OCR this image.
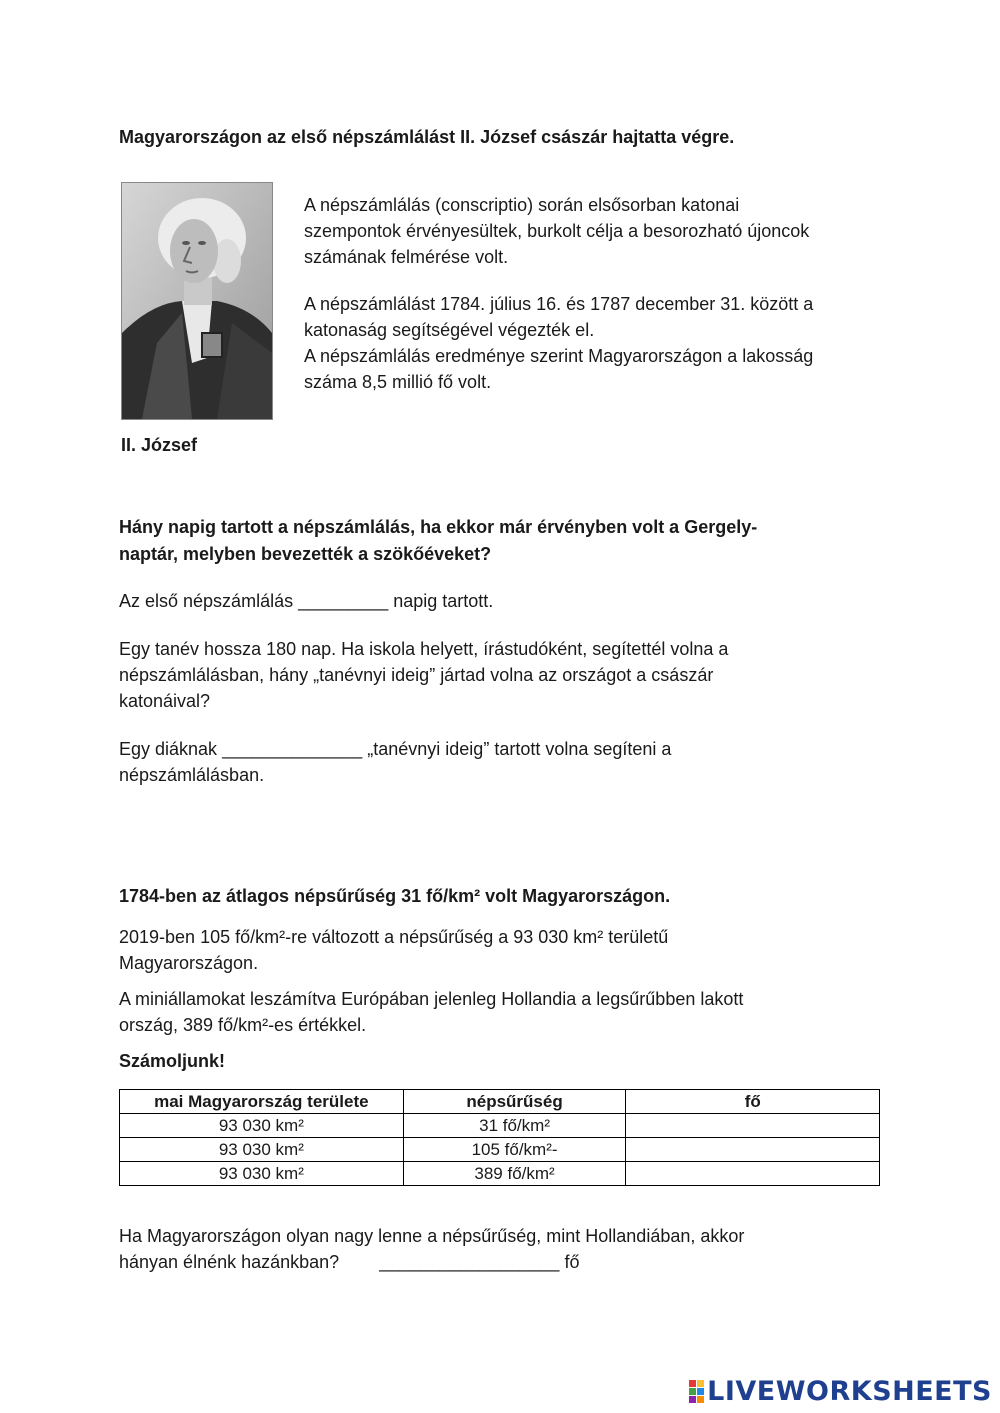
Magyarországon az első népszámlálást II. József császár hajtatta végre.
A népszámlálás (conscriptio) során elsősorban katonai
szempontok érvényesültek, burkolt célja a besorozható újoncok
számának felmérése volt.
A népszámlálást 1784. július 16. és 1787 december 31. között a
katonaság segítségével végezték el.
A népszámlálás eredménye szerint Magyarországon a lakosság
száma 8,5 millió fő volt.
II. József
Hány napig tartott a népszámlálás, ha ekkor már érvényben volt a Gergely-
naptár, melyben bevezették a szökőéveket?
Az első népszámlálás _________ napig tartott.
Egy tanév hossza 180 nap. Ha iskola helyett, írástudóként, segítettél volna a
népszámlálásban, hány „tanévnyi ideig” jártad volna az országot a császár
katonáival?
Egy diáknak ______________ „tanévnyi ideig” tartott volna segíteni a
népszámlálásban.
1784-ben az átlagos népsűrűség 31 fő/km² volt Magyarországon.
2019-ben 105 fő/km²-re változott a népsűrűség a 93 030 km² területű
Magyarországon.
A miniállamokat leszámítva Európában jelenleg Hollandia a legsűrűbben lakott
ország, 389 fő/km²-es értékkel.
Számoljunk!
mai Magyarország területe	népsűrűség	fő
93 030 km²	31 fő/km²	
93 030 km²	105 fő/km²-	
93 030 km²	389 fő/km²	
Ha Magyarországon olyan nagy lenne a népsűrűség, mint Hollandiában, akkor
hányan élnénk hazánkban? __________________ fő
LIVEWORKSHEETS
